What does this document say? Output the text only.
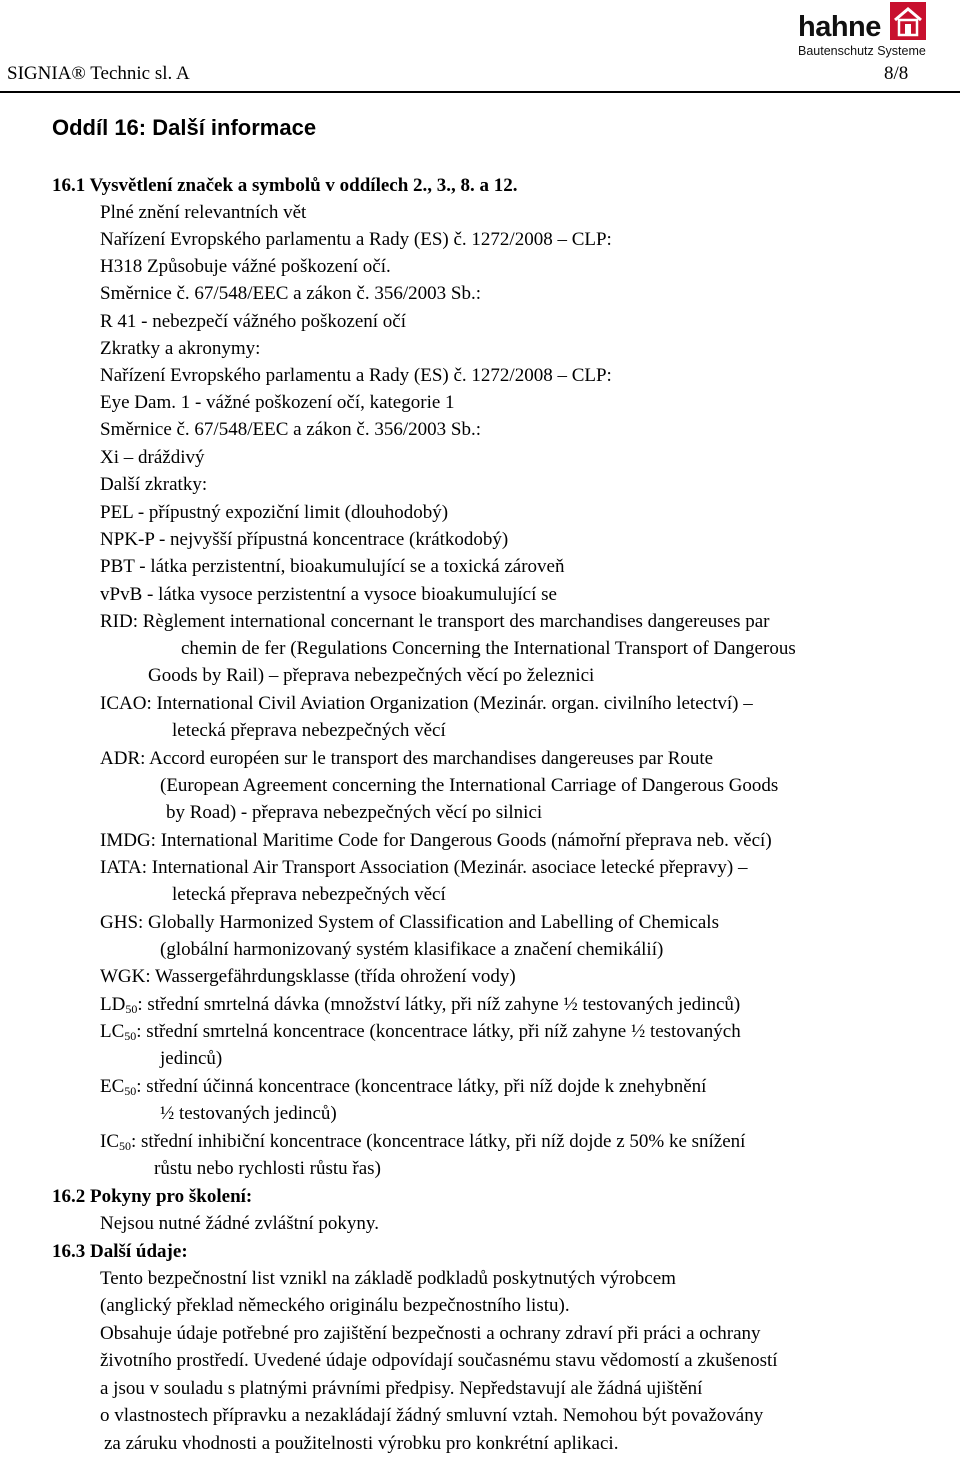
SIGNIA® Technic sl. A	8/8
hahne
Bautenschutz Systeme
Oddíl 16: Další informace
16.1 Vysvětlení značek a symbolů v oddílech 2., 3., 8. a 12.
Plné znění relevantních vět
Nařízení Evropského parlamentu a Rady (ES) č. 1272/2008 – CLP:
H318 Způsobuje vážné poškození očí.
Směrnice č. 67/548/EEC a zákon č. 356/2003 Sb.:
R 41 - nebezpečí vážného poškození očí
Zkratky a akronymy:
Nařízení Evropského parlamentu a Rady (ES) č. 1272/2008 – CLP:
Eye Dam. 1 - vážné poškození očí, kategorie 1
Směrnice č. 67/548/EEC a zákon č. 356/2003 Sb.:
Xi – dráždivý
Další zkratky:
PEL - přípustný expoziční limit (dlouhodobý)
NPK-P - nejvyšší přípustná koncentrace (krátkodobý)
PBT - látka perzistentní, bioakumulující se a toxická zároveň
vPvB - látka vysoce perzistentní a vysoce bioakumulující se
RID: Règlement international concernant le transport des marchandises dangereuses par
chemin de fer (Regulations Concerning the International Transport of Dangerous
Goods by Rail) – přeprava nebezpečných věcí po železnici
ICAO: International Civil Aviation Organization (Mezinár. organ. civilního letectví) –
letecká přeprava nebezpečných věcí
ADR: Accord européen sur le transport des marchandises dangereuses par Route
(European Agreement concerning the International Carriage of Dangerous Goods
by Road) - přeprava nebezpečných věcí po silnici
IMDG: International Maritime Code for Dangerous Goods (námořní přeprava neb. věcí)
IATA: International Air Transport Association (Mezinár. asociace letecké přepravy) –
letecká přeprava nebezpečných věcí
GHS: Globally Harmonized System of Classification and Labelling of Chemicals
(globální harmonizovaný systém klasifikace a značení chemikálií)
WGK: Wassergefährdungsklasse (třída ohrožení vody)
$LD_{50}$: střední smrtelná dávka (množství látky, při níž zahyne ½ testovaných jedinců)
$LC_{50}$: střední smrtelná koncentrace (koncentrace látky, při níž zahyne ½ testovaných
jedinců)
$EC_{50}$: střední účinná koncentrace (koncentrace látky, při níž dojde k znehybnění
½ testovaných jedinců)
$IC_{50}$: střední inhibiční koncentrace (koncentrace látky, při níž dojde z 50% ke snížení
růstu nebo rychlosti růstu řas)
16.2 Pokyny pro školení:
Nejsou nutné žádné zvláštní pokyny.
16.3 Další údaje:
Tento bezpečnostní list vznikl na základě podkladů poskytnutých výrobcem
(anglický překlad německého originálu bezpečnostního listu).
Obsahuje údaje potřebné pro zajištění bezpečnosti a ochrany zdraví při práci a ochrany
životního prostředí. Uvedené údaje odpovídají současnému stavu vědomostí a zkušeností
a jsou v souladu s platnými právními předpisy. Nepředstavují ale žádná ujištění
o vlastnostech přípravku a nezakládají žádný smluvní vztah. Nemohou být považovány
za záruku vhodnosti a použitelnosti výrobku pro konkrétní aplikaci.
